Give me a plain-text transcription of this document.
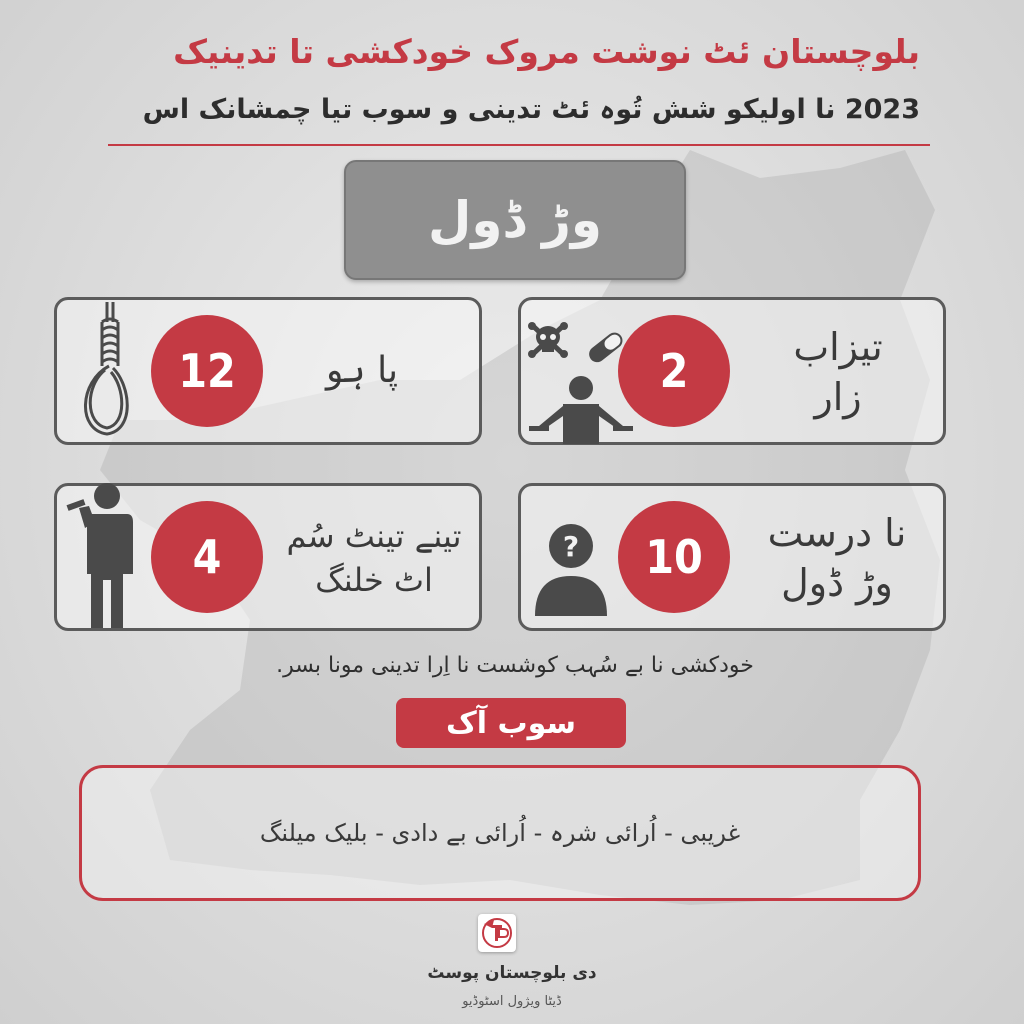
بلوچستان ئٹ نوشت مروک خودکشی تا تدینیک
2023 نا اولیکو شش تُوہ ئٹ تدینی و سوب تیا چمشانک اس
وڑ ڈول
12	پا ہو	2	تیزاب
زار
4	تینے تینٹ سُم
اٹ خلنگ
?	10	نا درست
وڑ ڈول

خودکشی نا بے سُہب کوشست نا اِرا تدینی مونا بسر.

سوب آک
غریبی - اُرائی شرہ - اُرائی بے دادی - بلیک میلنگ

دی بلوچستان پوسٹ

ڈیٹا ویژول اسٹوڈیو
